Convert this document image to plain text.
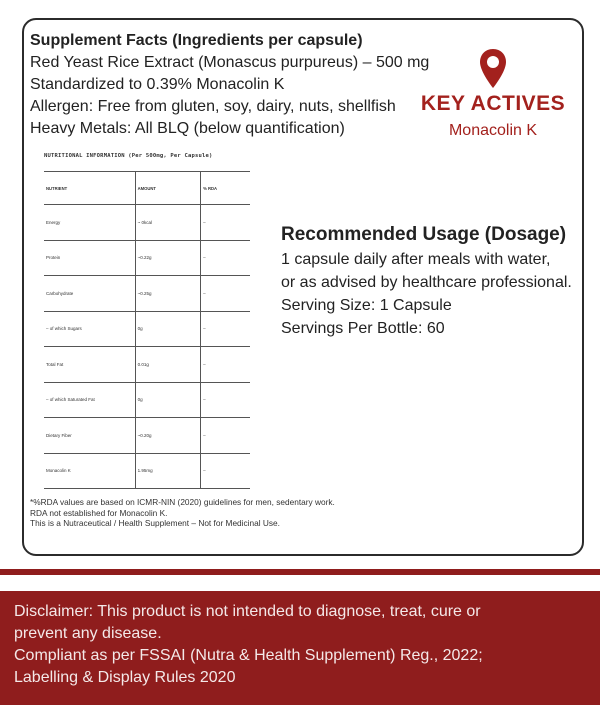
Supplement Facts (Ingredients per capsule)
Red Yeast Rice Extract (Monascus purpureus) – 500 mg
Standardized to 0.39% Monacolin K
Allergen: Free from gluten, soy, dairy, nuts, shellfish
Heavy Metals: All BLQ (below quantification)
KEY ACTIVES
Monacolin K
NUTRITIONAL INFORMATION (Per 500mg, Per Capsule)
NUTRIENT	AMOUNT	% RDA
Energy	~ 0kcal	–
Protein	~0.22g	–
Carbohydrate	~0.25g	–
– of which Sugars	0g	–
Total Fat	0.01g	–
– of which Saturated Fat	0g	–
Dietary Fiber	~0.20g	–
Monacolin K	1.95mg	–
Recommended Usage (Dosage)
1 capsule daily after meals with water,
or as advised by healthcare professional.
Serving Size: 1 Capsule
Servings Per Bottle: 60
*%RDA values are based on ICMR-NIN (2020) guidelines for men, sedentary work.
RDA not established for Monacolin K.
This is a Nutraceutical / Health Supplement – Not for Medicinal Use.
Disclaimer: This product is not intended to diagnose, treat, cure or
prevent any disease.
Compliant as per FSSAI (Nutra & Health Supplement) Reg., 2022;
Labelling & Display Rules 2020
